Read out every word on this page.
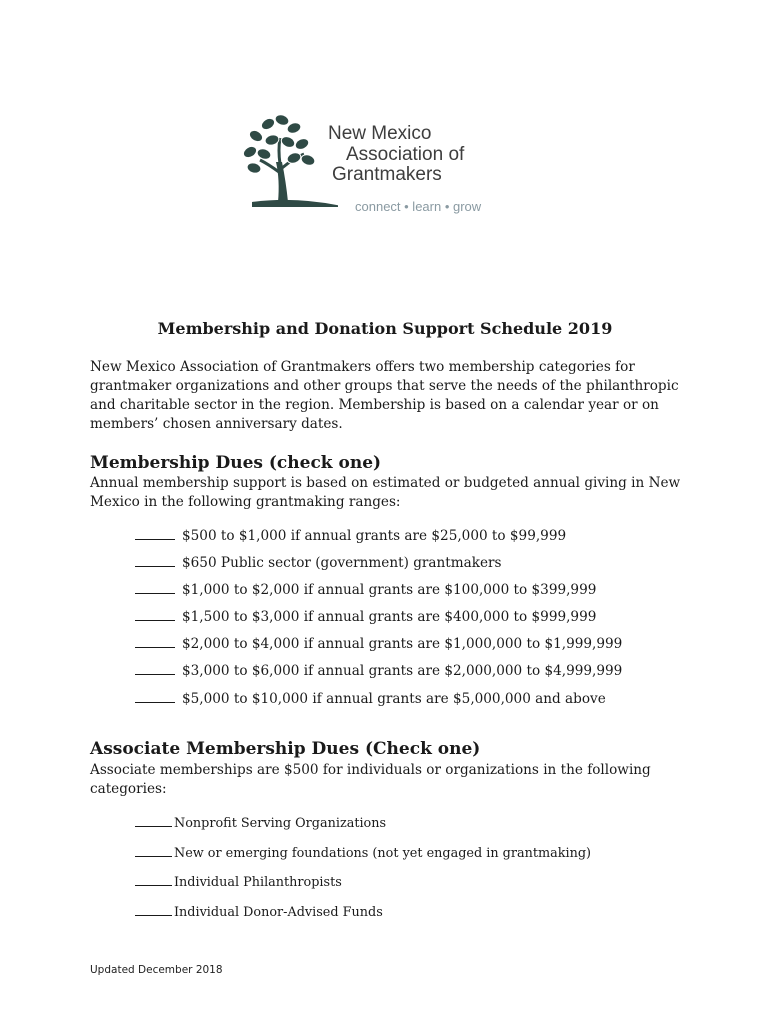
New Mexico
Association of
Grantmakers
connect • learn • grow
Membership and Donation Support Schedule 2019
New Mexico Association of Grantmakers offers two membership categories for grantmaker organizations and other groups that serve the needs of the philanthropic and charitable sector in the region. Membership is based on a calendar year or on members’ chosen anniversary dates.
Membership Dues (check one)
Annual membership support is based on estimated or budgeted annual giving in New Mexico in the following grantmaking ranges:
$500 to $1,000 if annual grants are $25,000 to $99,999
$650 Public sector (government) grantmakers
$1,000 to $2,000 if annual grants are $100,000 to $399,999
$1,500 to $3,000 if annual grants are $400,000 to $999,999
$2,000 to $4,000 if annual grants are $1,000,000 to $1,999,999
$3,000 to $6,000 if annual grants are $2,000,000 to $4,999,999
$5,000 to $10,000 if annual grants are $5,000,000 and above
Associate Membership Dues (Check one)
Associate memberships are $500 for individuals or organizations in the following categories:
Nonprofit Serving Organizations
New or emerging foundations (not yet engaged in grantmaking)
Individual Philanthropists
Individual Donor-Advised Funds
Updated December 2018
